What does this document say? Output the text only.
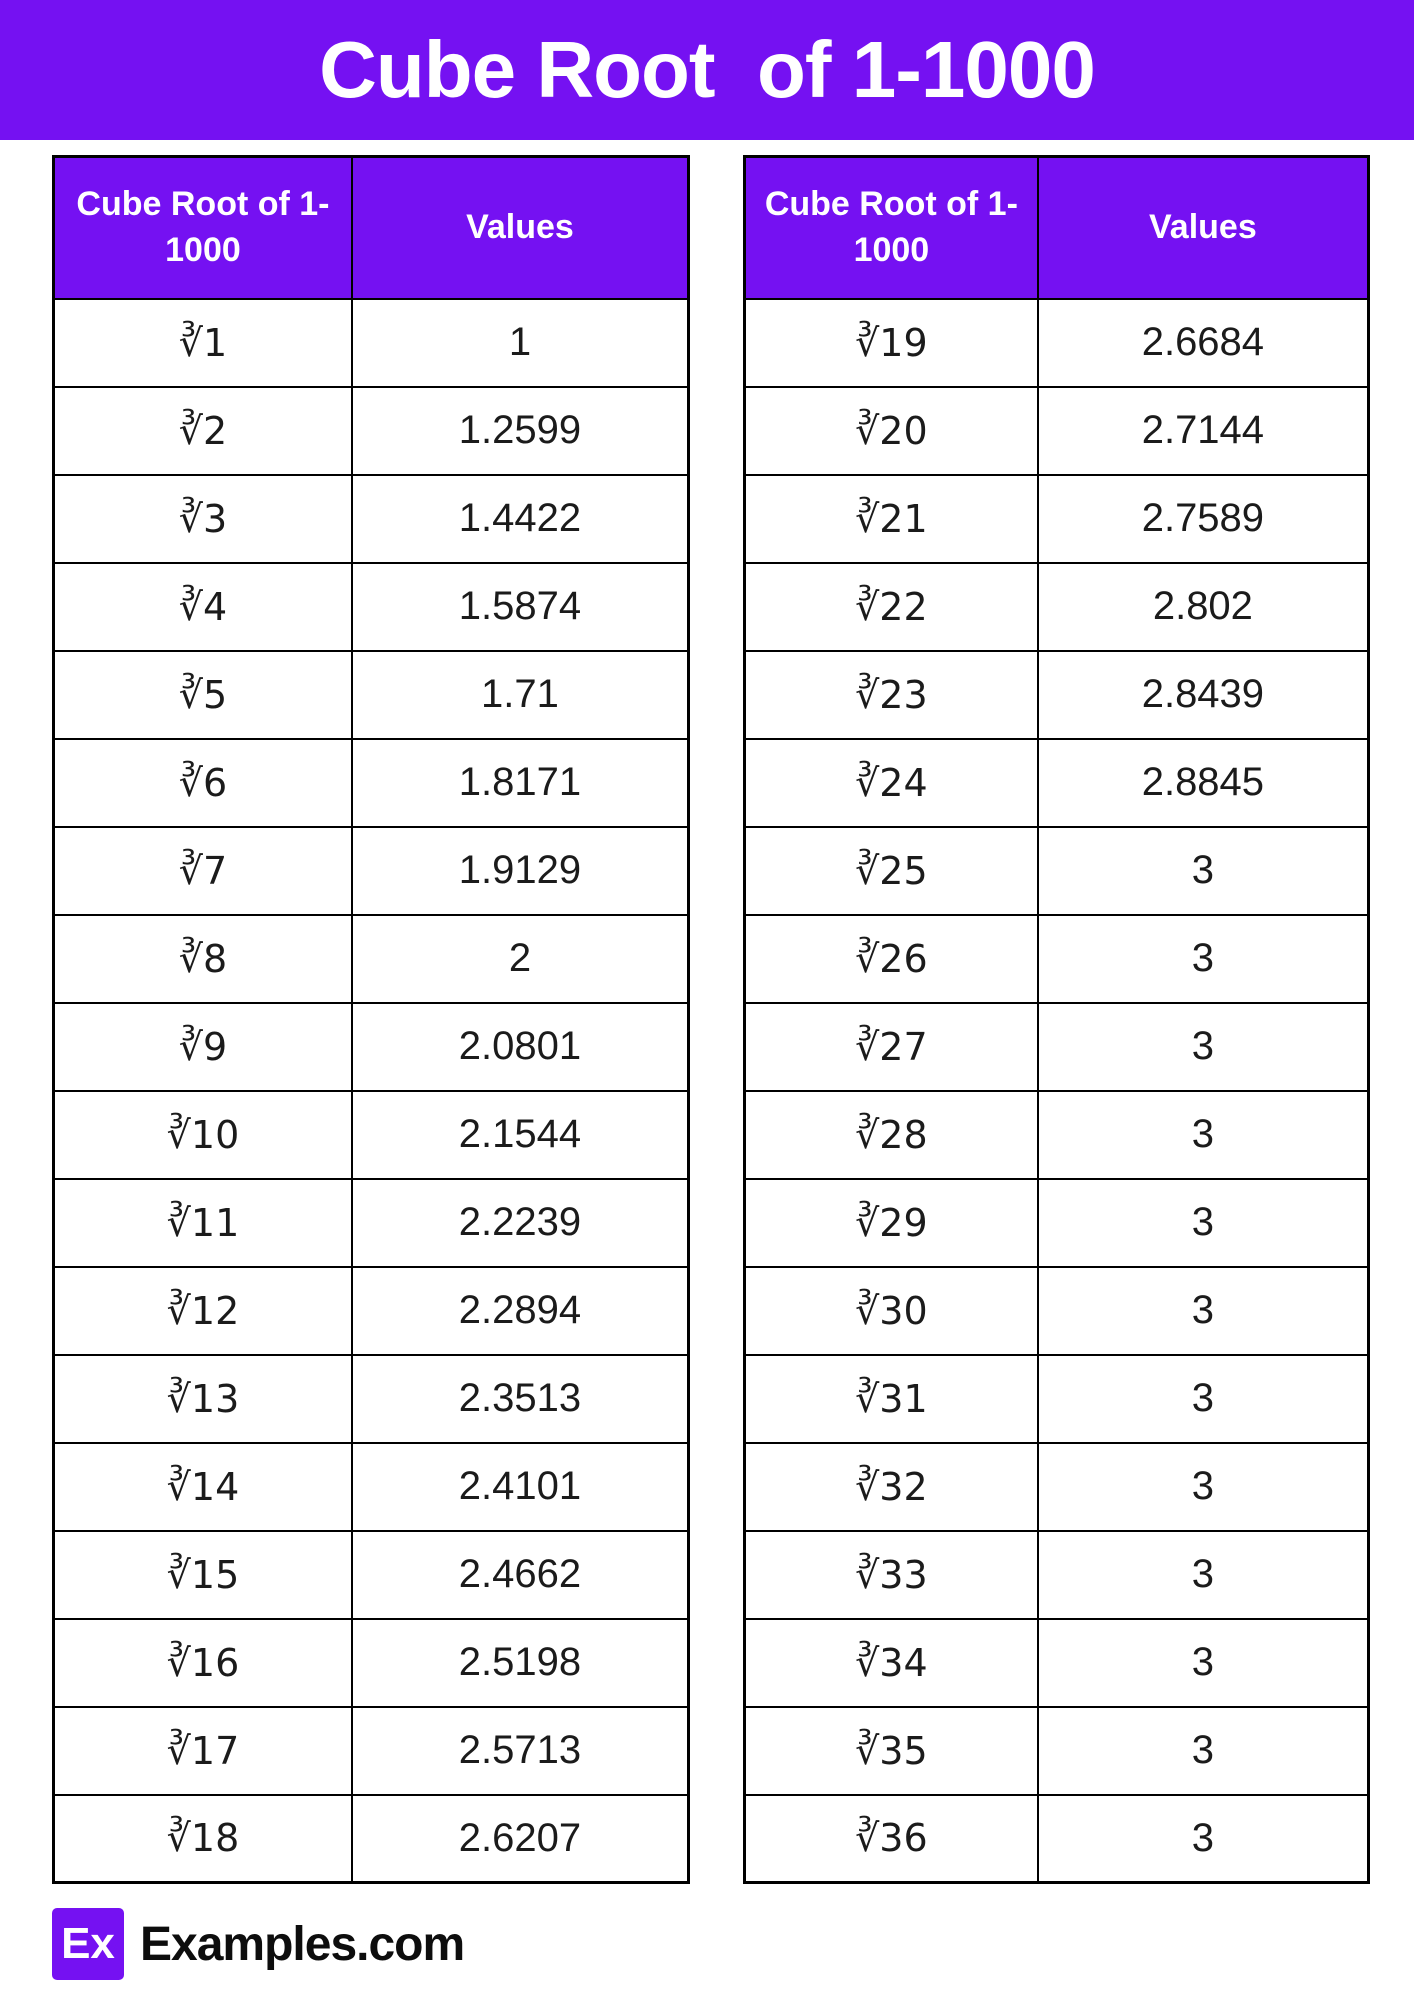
Cube Root  of 1-1000
Cube Root of 1-1000	Values
∛1	1
∛2	1.2599
∛3	1.4422
∛4	1.5874
∛5	1.71
∛6	1.8171
∛7	1.9129
∛8	2
∛9	2.0801
∛10	2.1544
∛11	2.2239
∛12	2.2894
∛13	2.3513
∛14	2.4101
∛15	2.4662
∛16	2.5198
∛17	2.5713
∛18	2.6207
Cube Root of 1-1000	Values
∛19	2.6684
∛20	2.7144
∛21	2.7589
∛22	2.802
∛23	2.8439
∛24	2.8845
∛25	3
∛26	3
∛27	3
∛28	3
∛29	3
∛30	3
∛31	3
∛32	3
∛33	3
∛34	3
∛35	3
∛36	3
Ex Examples.com
